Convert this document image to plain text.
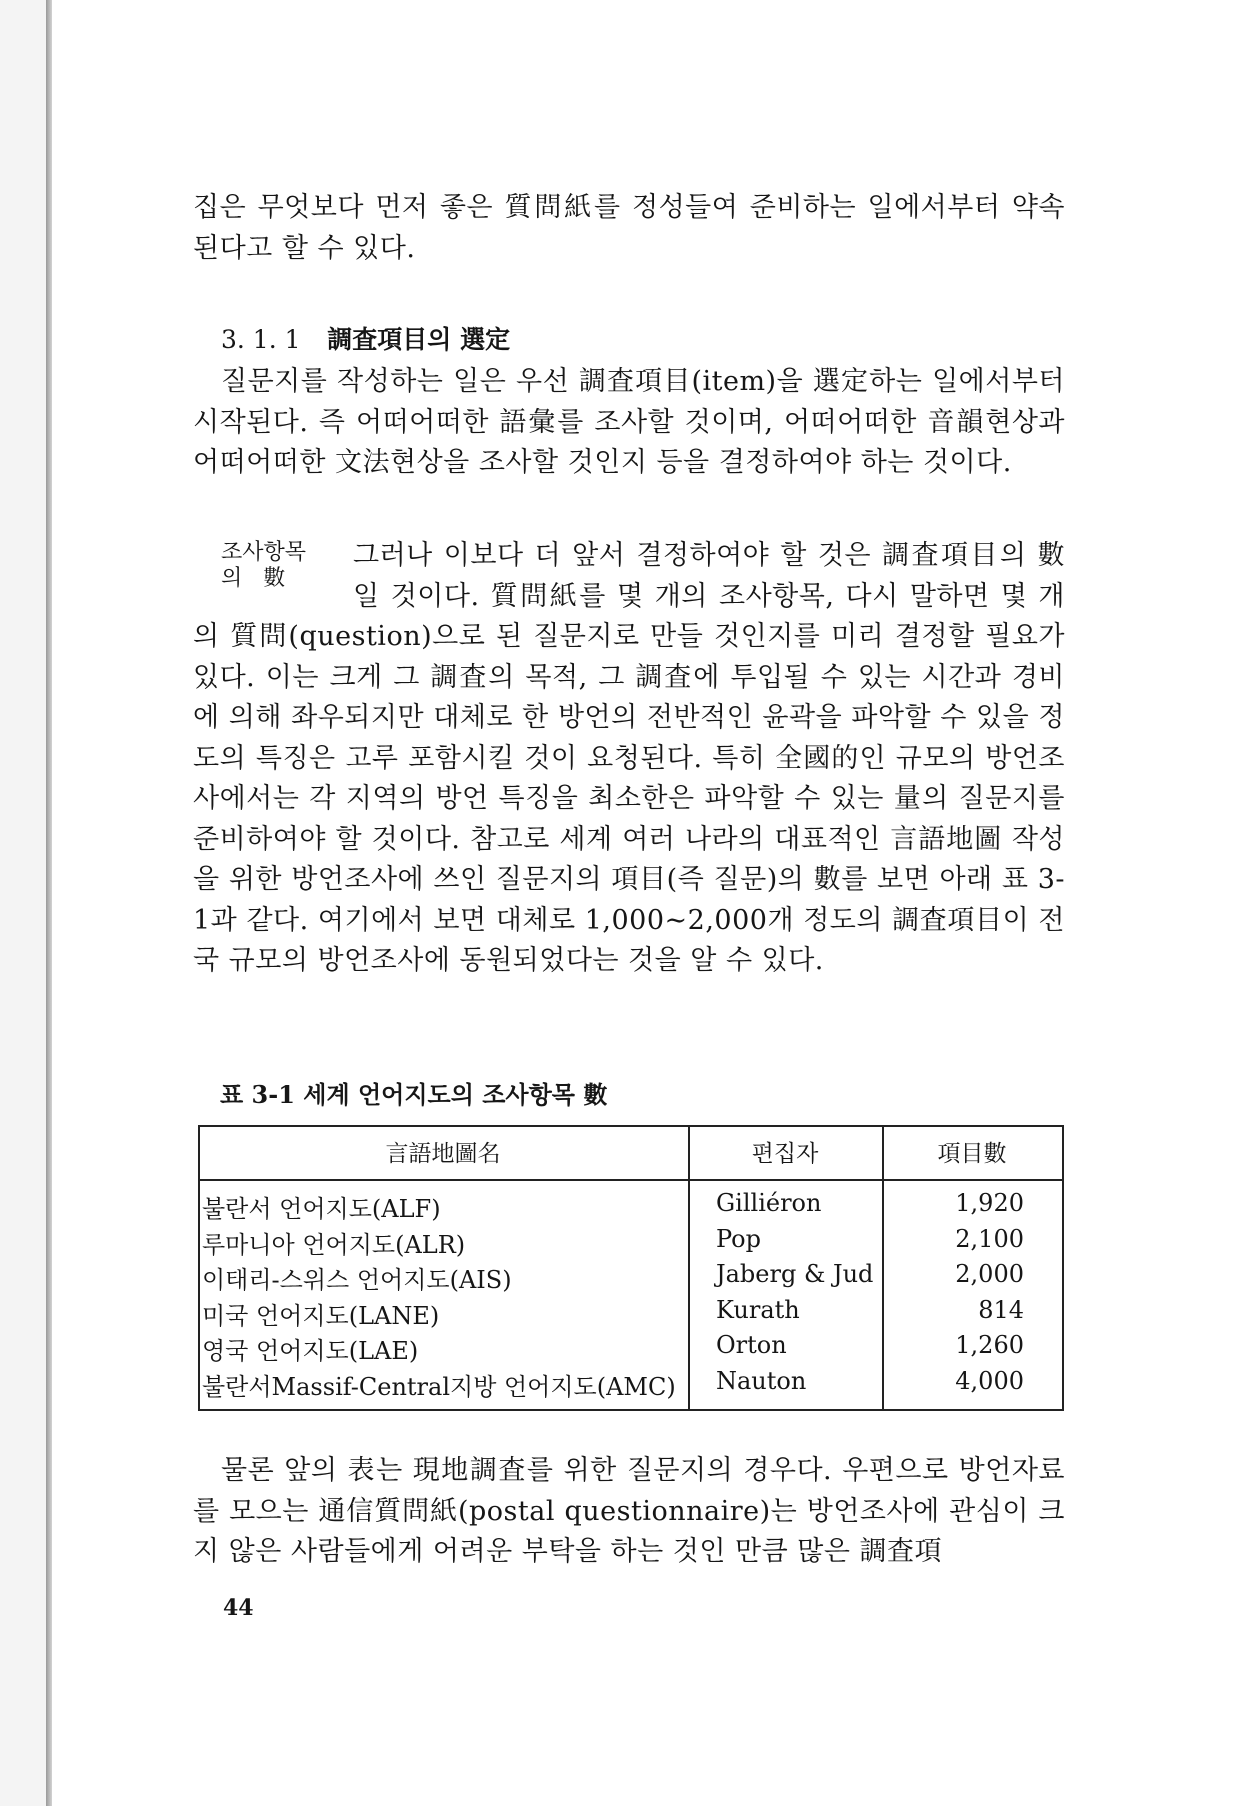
집은 무엇보다 먼저 좋은 質問紙를 정성들여 준비하는 일에서부터 약속된다고 할 수 있다.

3. 1. 1 調査項目의 選定

질문지를 작성하는 일은 우선 調査項目(item)을 選定하는 일에서부터 시작된다. 즉 어떠어떠한 語彙를 조사할 것이며, 어떠어떠한 音韻현상과 어떠어떠한 文法현상을 조사할 것인지 등을 결정하여야 하는 것이다.

조사항목
의   數

그러나 이보다 더 앞서 결정하여야 할 것은 調査項目의 數일 것이다. 質問紙를 몇 개의 조사항목, 다시 말하면 몇 개의 質問(question)으로 된 질문지로 만들 것인지를 미리 결정할 필요가 있다. 이는 크게 그 調査의 목적, 그 調査에 투입될 수 있는 시간과 경비에 의해 좌우되지만 대체로 한 방언의 전반적인 윤곽을 파악할 수 있을 정도의 특징은 고루 포함시킬 것이 요청된다. 특히 全國的인 규모의 방언조사에서는 각 지역의 방언 특징을 최소한은 파악할 수 있는 量의 질문지를 준비하여야 할 것이다. 참고로 세계 여러 나라의 대표적인 言語地圖 작성을 위한 방언조사에 쓰인 질문지의 項目(즉 질문)의 數를 보면 아래 표 3-1과 같다. 여기에서 보면 대체로 1,000∼2,000개 정도의 調査項目이 전국 규모의 방언조사에 동원되었다는 것을 알 수 있다.

표 3-1 세계 언어지도의 조사항목 數

言語地圖名	편집자	項目數
불란서 언어지도(ALF)	Gilliéron	1,920
루마니아 언어지도(ALR)	Pop	2,100
이태리-스위스 언어지도(AIS)	Jaberg & Jud	2,000
미국 언어지도(LANE)	Kurath	814
영국 언어지도(LAE)	Orton	1,260
불란서Massif-Central지방 언어지도(AMC) Nauton	4,000

물론 앞의 表는 現地調査를 위한 질문지의 경우다. 우편으로 방언자료를 모으는 通信質問紙(postal questionnaire)는 방언조사에 관심이 크지 않은 사람들에게 어려운 부탁을 하는 것인 만큼 많은 調査項

44
